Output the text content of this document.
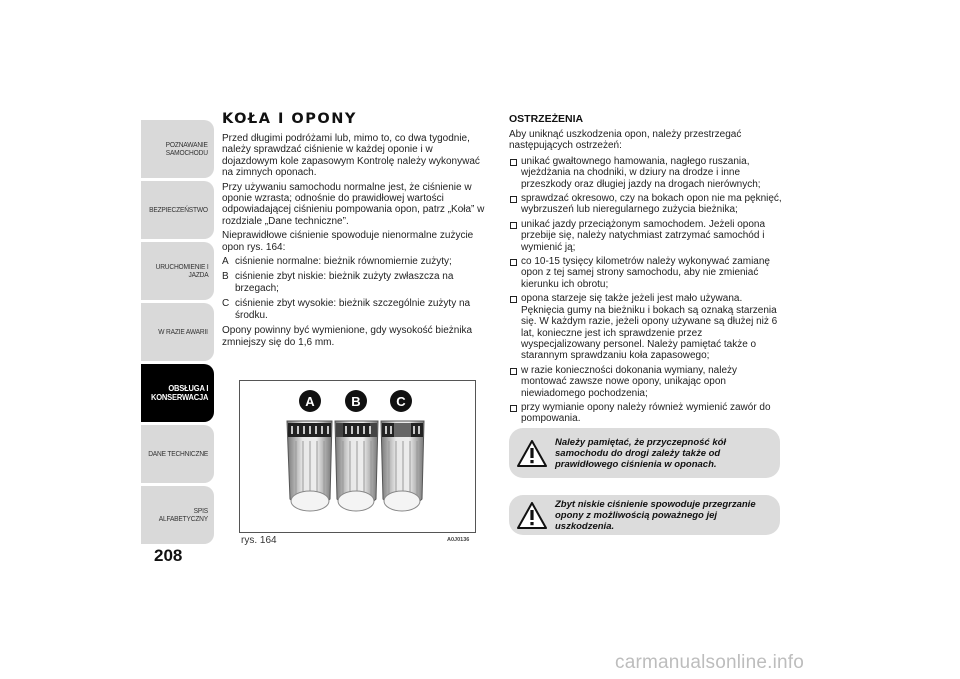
POZNAWANIE
SAMOCHODU
BEZPIECZEŃSTWO
URUCHOMIENIE I
JAZDA
W RAZIE AWARII
OBSŁUGA I
KONSERWACJA
DANE TECHNICZNE
SPIS ALFABETYCZNY
208
KOŁA I OPONY

Przed długimi podróżami lub, mimo to, co dwa tygodnie, należy sprawdzać ciśnienie w każdej oponie i w dojazdowym kole zapasowym Kontrolę należy wykonywać na zimnych oponach.

Przy używaniu samochodu normalne jest, że ciśnienie w oponie wzrasta; odnośnie do prawidłowej wartości odpowiadającej ciśnieniu pompowania opon, patrz „Koła” w rozdziale „Dane techniczne”.

Nieprawidłowe ciśnienie spowoduje nienormalne zużycie opon rys. 164:

A ciśnienie normalne: bieżnik równomiernie zużyty;
B ciśnienie zbyt niskie: bieżnik zużyty zwłaszcza na brzegach;
C ciśnienie zbyt wysokie: bieżnik szczególnie zużyty na środku.

Opony powinny być wymienione, gdy wysokość bieżnika zmniejszy się do 1,6 mm.

A	B	C
rys. 164	A0J0136
OSTRZEŻENIA

Aby uniknąć uszkodzenia opon, należy przestrzegać następujących ostrzeżeń:

unikać gwałtownego hamowania, nagłego ruszania, wjeżdżania na chodniki, w dziury na drodze i inne przeszkody oraz długiej jazdy na drogach nierównych;
sprawdzać okresowo, czy na bokach opon nie ma pęknięć, wybrzuszeń lub nieregularnego zużycia bieżnika;
unikać jazdy przeciążonym samochodem. Jeżeli opona przebije się, należy natychmiast zatrzymać samochód i wymienić ją;
co 10-15 tysięcy kilometrów należy wykonywać zamianę opon z tej samej strony samochodu, aby nie zmieniać kierunku ich obrotu;
opona starzeje się także jeżeli jest mało używana. Pęknięcia gumy na bieżniku i bokach są oznaką starzenia się. W każdym razie, jeżeli opony używane są dłużej niż 6 lat, konieczne jest ich sprawdzenie przez wyspecjalizowany personel. Należy pamiętać także o starannym sprawdzaniu koła zapasowego;
w razie konieczności dokonania wymiany, należy montować zawsze nowe opony, unikając opon niewiadomego pochodzenia;
przy wymianie opony należy również wymienić zawór do pompowania.

Należy pamiętać, że przyczepność kół samochodu do drogi zależy także od prawidłowego ciśnienia w oponach.

Zbyt niskie ciśnienie spowoduje przegrzanie opony z możliwością poważnego jej uszkodzenia.

carmanualsonline.info
